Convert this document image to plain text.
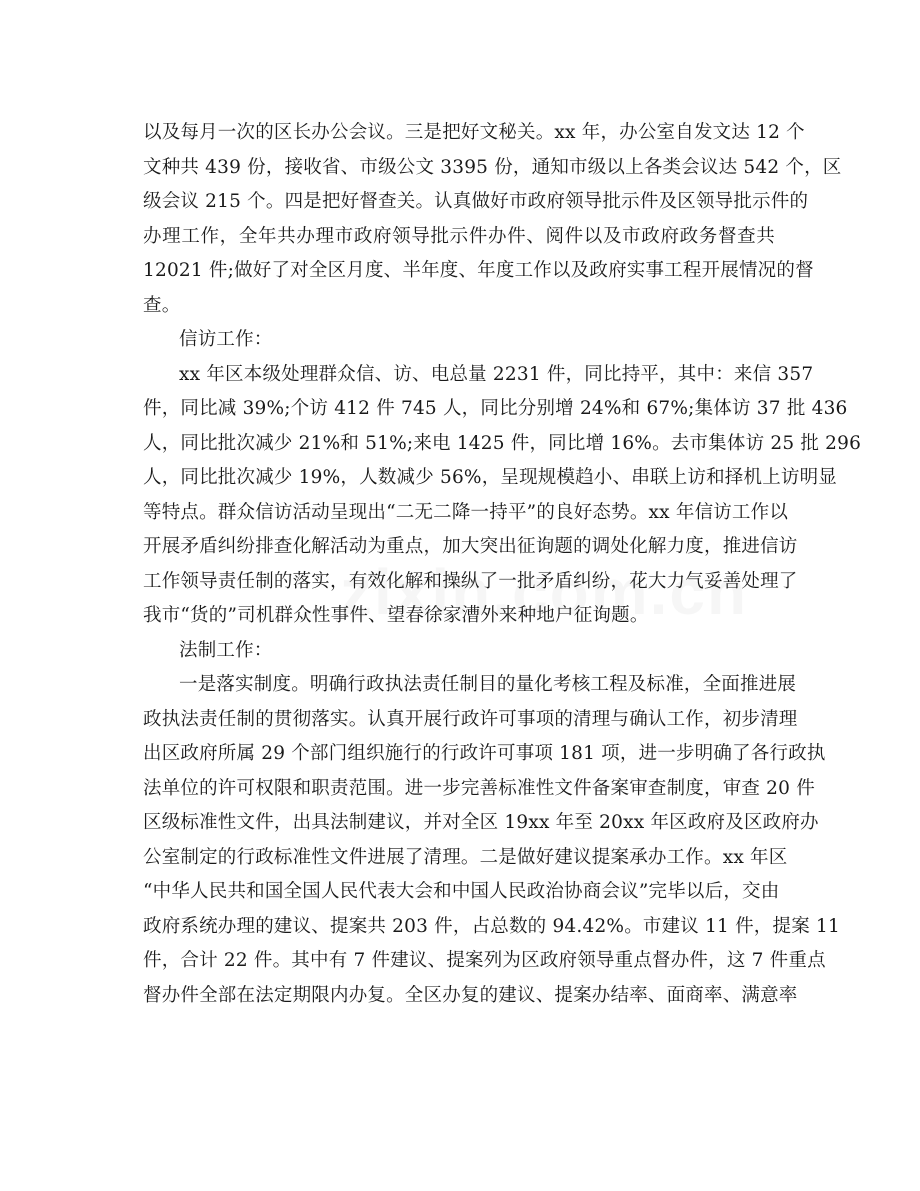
以及每月一次的区长办公会议。三是把好文秘关。xx 年，办公室自发文达 12 个
文种共 439 份，接收省、市级公文 3395 份，通知市级以上各类会议达 542 个，区
级会议 215 个。四是把好督查关。认真做好市政府领导批示件及区领导批示件的
办理工作，全年共办理市政府领导批示件办件、阅件以及市政府政务督查共
12021 件;做好了对全区月度、半年度、年度工作以及政府实事工程开展情况的督
查。
信访工作：
xx 年区本级处理群众信、访、电总量 2231 件，同比持平，其中：来信 357
件，同比减 39%;个访 412 件 745 人，同比分别增 24%和 67%;集体访 37 批 436
人，同比批次减少 21%和 51%;来电 1425 件，同比增 16%。去市集体访 25 批 296
人，同比批次减少 19%，人数减少 56%，呈现规模趋小、串联上访和择机上访明显
等特点。群众信访活动呈现出“二无二降一持平”的良好态势。xx 年信访工作以
开展矛盾纠纷排查化解活动为重点，加大突出征询题的调处化解力度，推进信访
工作领导责任制的落实，有效化解和操纵了一批矛盾纠纷，花大力气妥善处理了
我市“货的”司机群众性事件、望春徐家漕外来种地户征询题。
法制工作：
一是落实制度。明确行政执法责任制目的量化考核工程及标准，全面推进展
政执法责任制的贯彻落实。认真开展行政许可事项的清理与确认工作，初步清理
出区政府所属 29 个部门组织施行的行政许可事项 181 项，进一步明确了各行政执
法单位的许可权限和职责范围。进一步完善标准性文件备案审查制度，审查 20 件
区级标准性文件，出具法制建议，并对全区 19xx 年至 20xx 年区政府及区政府办
公室制定的行政标准性文件进展了清理。二是做好建议提案承办工作。xx 年区
“中华人民共和国全国人民代表大会和中国人民政治协商会议”完毕以后，交由
政府系统办理的建议、提案共 203 件，占总数的 94.42%。市建议 11 件，提案 11
件，合计 22 件。其中有 7 件建议、提案列为区政府领导重点督办件，这 7 件重点
督办件全部在法定期限内办复。全区办复的建议、提案办结率、面商率、满意率
